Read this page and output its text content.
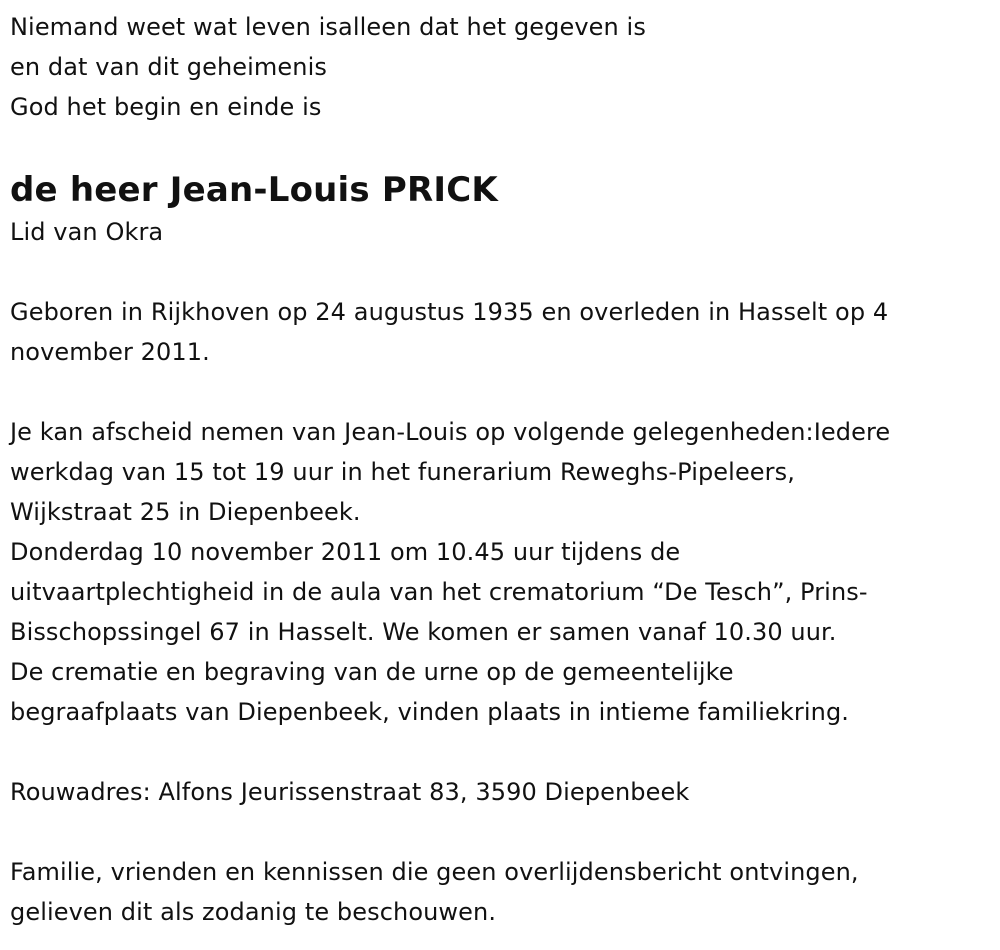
Niemand weet wat leven isalleen dat het gegeven is
en dat van dit geheimenis
God het begin en einde is
de heer Jean-Louis PRICK
Lid van Okra
Geboren in Rijkhoven op 24 augustus 1935 en overleden in Hasselt op 4
november 2011.
Je kan afscheid nemen van Jean-Louis op volgende gelegenheden:Iedere
werkdag van 15 tot 19 uur in het funerarium Reweghs-Pipeleers,
Wijkstraat 25 in Diepenbeek.
Donderdag 10 november 2011 om 10.45 uur tijdens de
uitvaartplechtigheid in de aula van het crematorium “De Tesch”, Prins-
Bisschopssingel 67 in Hasselt. We komen er samen vanaf 10.30 uur.
De crematie en begraving van de urne op de gemeentelijke
begraafplaats van Diepenbeek, vinden plaats in intieme familiekring.
Rouwadres: Alfons Jeurissenstraat 83, 3590 Diepenbeek
Familie, vrienden en kennissen die geen overlijdensbericht ontvingen,
gelieven dit als zodanig te beschouwen.
